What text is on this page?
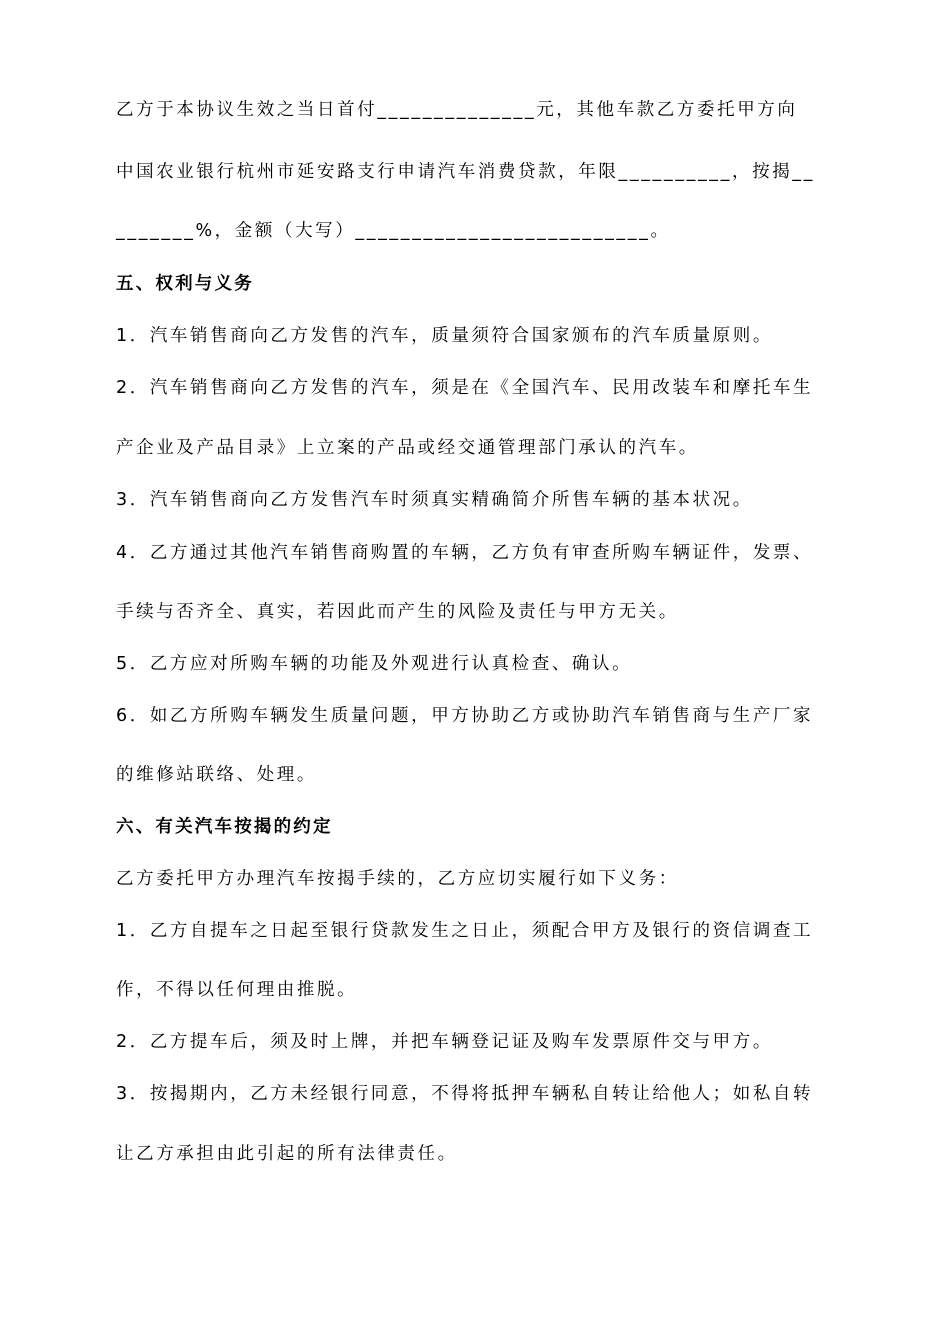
乙方于本协议生效之当日首付______________元，其他车款乙方委托甲方向

中国农业银行杭州市延安路支行申请汽车消费贷款，年限__________，按揭__

_______%，金额（大写）__________________________。

五、权利与义务

1．汽车销售商向乙方发售的汽车，质量须符合国家颁布的汽车质量原则。

2．汽车销售商向乙方发售的汽车，须是在《全国汽车、民用改装车和摩托车生

产企业及产品目录》上立案的产品或经交通管理部门承认的汽车。

3．汽车销售商向乙方发售汽车时须真实精确简介所售车辆的基本状况。

4．乙方通过其他汽车销售商购置的车辆，乙方负有审查所购车辆证件，发票、

手续与否齐全、真实，若因此而产生的风险及责任与甲方无关。

5．乙方应对所购车辆的功能及外观进行认真检查、确认。

6．如乙方所购车辆发生质量问题，甲方协助乙方或协助汽车销售商与生产厂家

的维修站联络、处理。

六、有关汽车按揭的约定

乙方委托甲方办理汽车按揭手续的，乙方应切实履行如下义务：

1．乙方自提车之日起至银行贷款发生之日止，须配合甲方及银行的资信调查工

作，不得以任何理由推脱。

2．乙方提车后，须及时上牌，并把车辆登记证及购车发票原件交与甲方。

3．按揭期内，乙方未经银行同意，不得将抵押车辆私自转让给他人；如私自转

让乙方承担由此引起的所有法律责任。
